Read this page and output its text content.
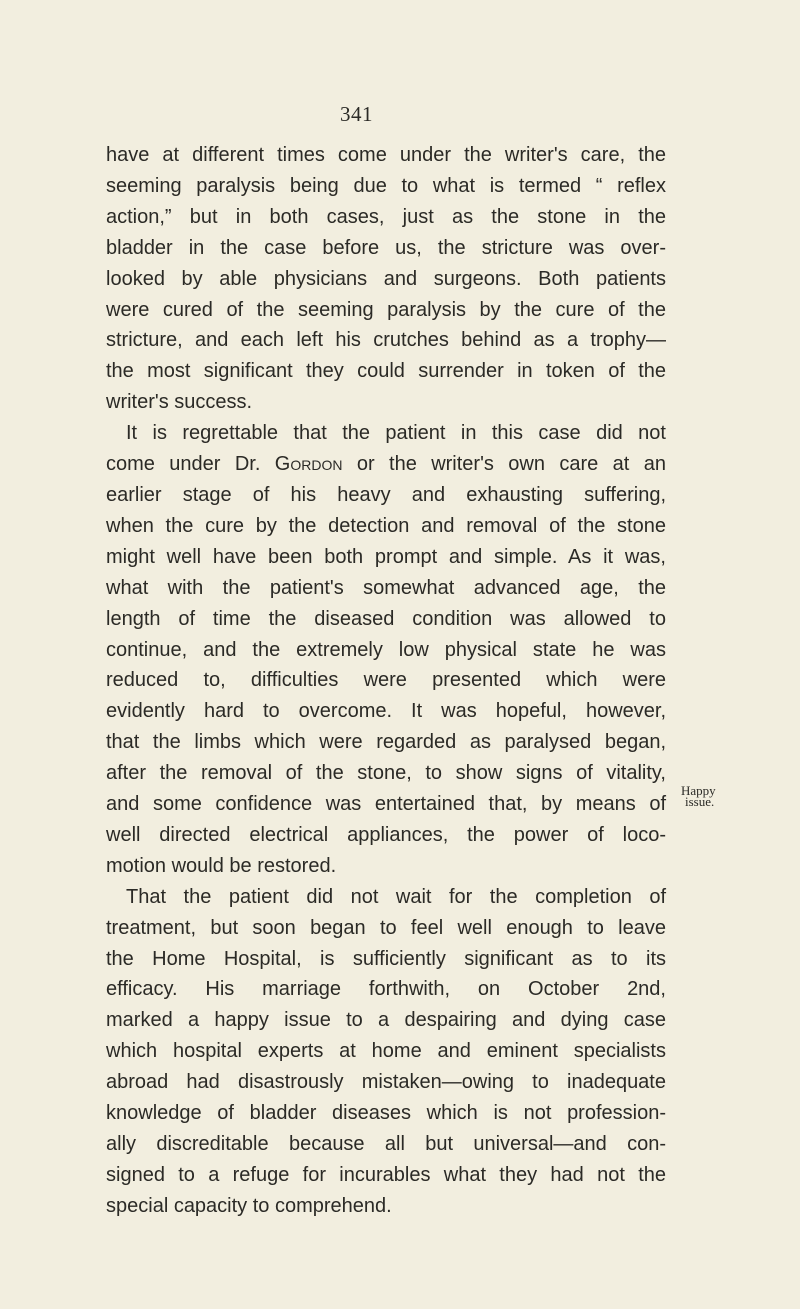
341
have at different times come under the writer's care, the
seeming paralysis being due to what is termed “ reflex
action,” but in both cases, just as the stone in the
bladder in the case before us, the stricture was over-
looked by able physicians and surgeons. Both patients
were cured of the seeming paralysis by the cure of the
stricture, and each left his crutches behind as a trophy—
the most significant they could surrender in token of the
writer's success.
It is regrettable that the patient in this case did not
come under Dr. Gordon or the writer's own care at an
earlier stage of his heavy and exhausting suffering,
when the cure by the detection and removal of the stone
might well have been both prompt and simple. As it was,
what with the patient's somewhat advanced age, the
length of time the diseased condition was allowed to
continue, and the extremely low physical state he was
reduced to, difficulties were presented which were
evidently hard to overcome. It was hopeful, however,
that the limbs which were regarded as paralysed began,
after the removal of the stone, to show signs of vitality,
and some confidence was entertained that, by means of
well directed electrical appliances, the power of loco-
motion would be restored.
That the patient did not wait for the completion of
treatment, but soon began to feel well enough to leave
the Home Hospital, is sufficiently significant as to its
efficacy. His marriage forthwith, on October 2nd,
marked a happy issue to a despairing and dying case
which hospital experts at home and eminent specialists
abroad had disastrously mistaken—owing to inadequate
knowledge of bladder diseases which is not profession-
ally discreditable because all but universal—and con-
signed to a refuge for incurables what they had not the
special capacity to comprehend.
Happy
issue.
